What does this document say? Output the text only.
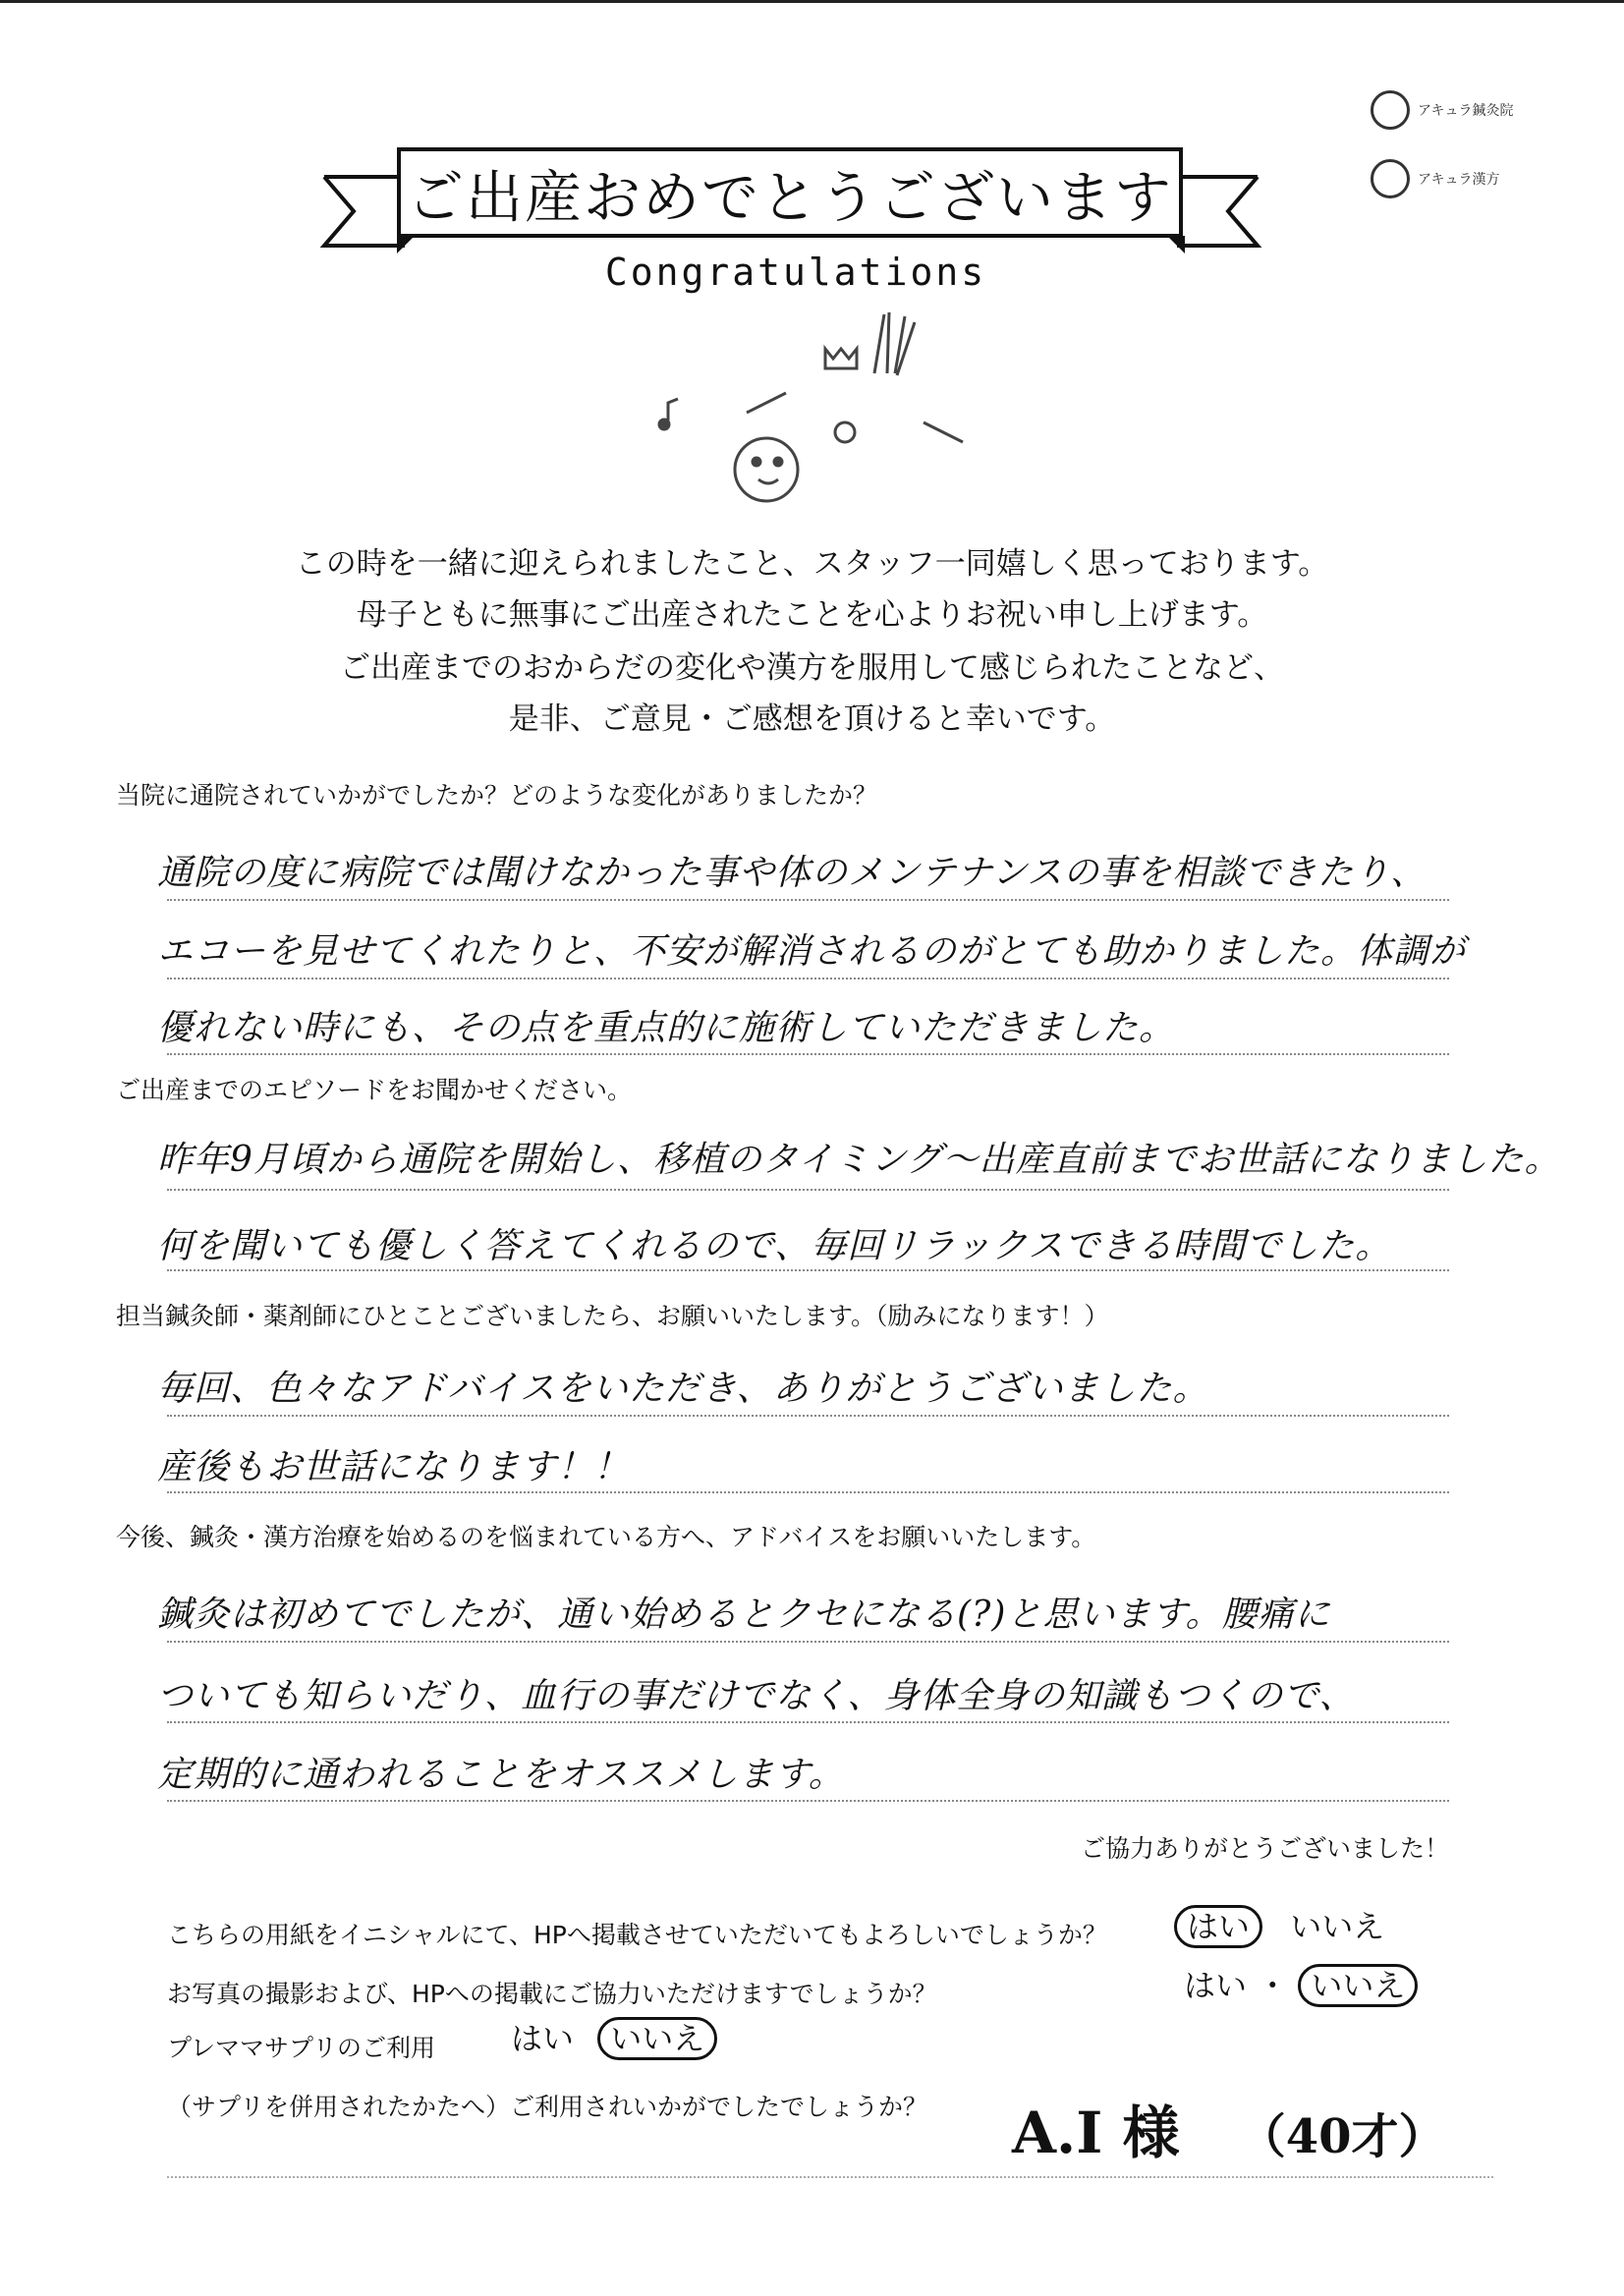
アキュラ鍼灸院
アキュラ漢方
ご出産おめでとうございます
Congratulations
この時を一緒に迎えられましたこと、スタッフ一同嬉しく思っております。
母子ともに無事にご出産されたことを心よりお祝い申し上げます。
ご出産までのおからだの変化や漢方を服用して感じられたことなど、
是非、ご意見・ご感想を頂けると幸いです。
当院に通院されていかがでしたか？どのような変化がありましたか？
通院の度に病院では聞けなかった事や体のメンテナンスの事を相談できたり、
エコーを見せてくれたりと、不安が解消されるのがとても助かりました。体調が
優れない時にも、その点を重点的に施術していただきました。
ご出産までのエピソードをお聞かせください。
昨年9月頃から通院を開始し、移植のタイミング〜出産直前までお世話になりました。
何を聞いても優しく答えてくれるので、毎回リラックスできる時間でした。
担当鍼灸師・薬剤師にひとことございましたら、お願いいたします。（励みになります！）
毎回、色々なアドバイスをいただき、ありがとうございました。
産後もお世話になります！！
今後、鍼灸・漢方治療を始めるのを悩まれている方へ、アドバイスをお願いいたします。
鍼灸は初めてでしたが、通い始めるとクセになる(?)と思います。腰痛に
ついても知らいだり、血行の事だけでなく、身体全身の知識もつくので、
定期的に通われることをオススメします。
ご協力ありがとうございました！
こちらの用紙をイニシャルにて、HPへ掲載させていただいてもよろしいでしょうか？	はい いいえ
お写真の撮影および、HPへの掲載にご協力いただけますでしょうか？	はい ・ いいえ
プレママサプリのご利用 はい いいえ
（サプリを併用されたかたへ）ご利用されいかがでしたでしょうか？ A.I 様 （40才）
